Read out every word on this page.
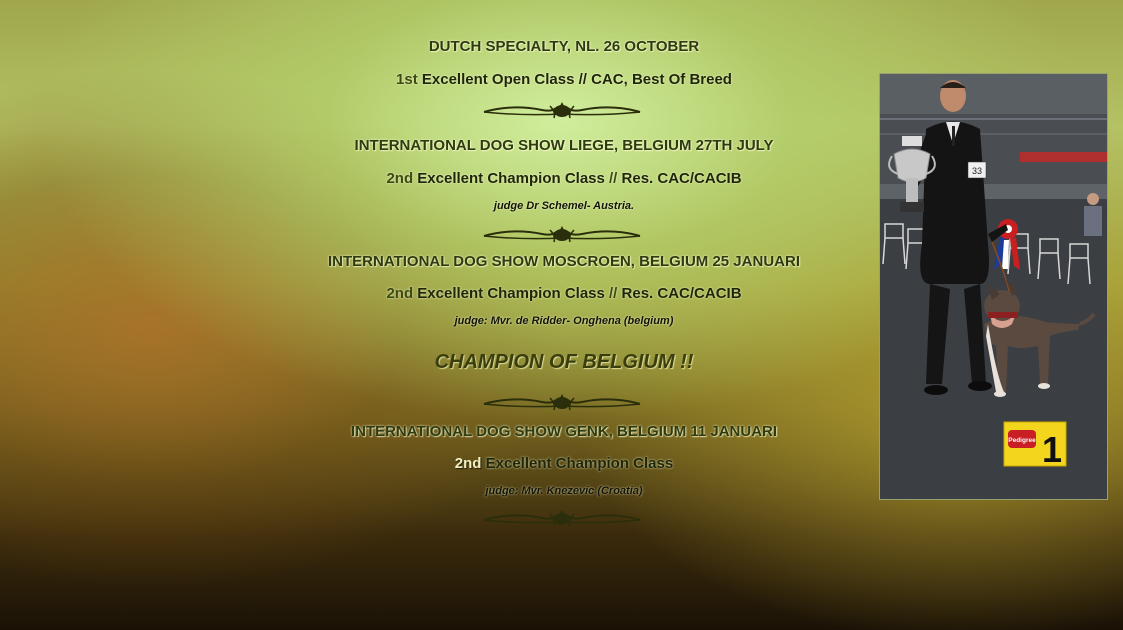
DUTCH SPECIALTY, NL. 26 OCTOBER
1st Excellent Open Class // CAC, Best Of Breed
INTERNATIONAL DOG SHOW LIEGE, BELGIUM 27TH JULY
2nd Excellent Champion Class // Res. CAC/CACIB
judge Dr Schemel- Austria.
INTERNATIONAL DOG SHOW MOSCROEN, BELGIUM 25 JANUARI
2nd Excellent Champion Class // Res. CAC/CACIB
judge: Mvr. de Ridder- Onghena (belgium)
CHAMPION OF BELGIUM !!
INTERNATIONAL DOG SHOW GENK, BELGIUM 11 JANUARI
2nd Excellent Champion Class
judge: Mvr. Knezevic (Croatia)
33
Pedigree 1
